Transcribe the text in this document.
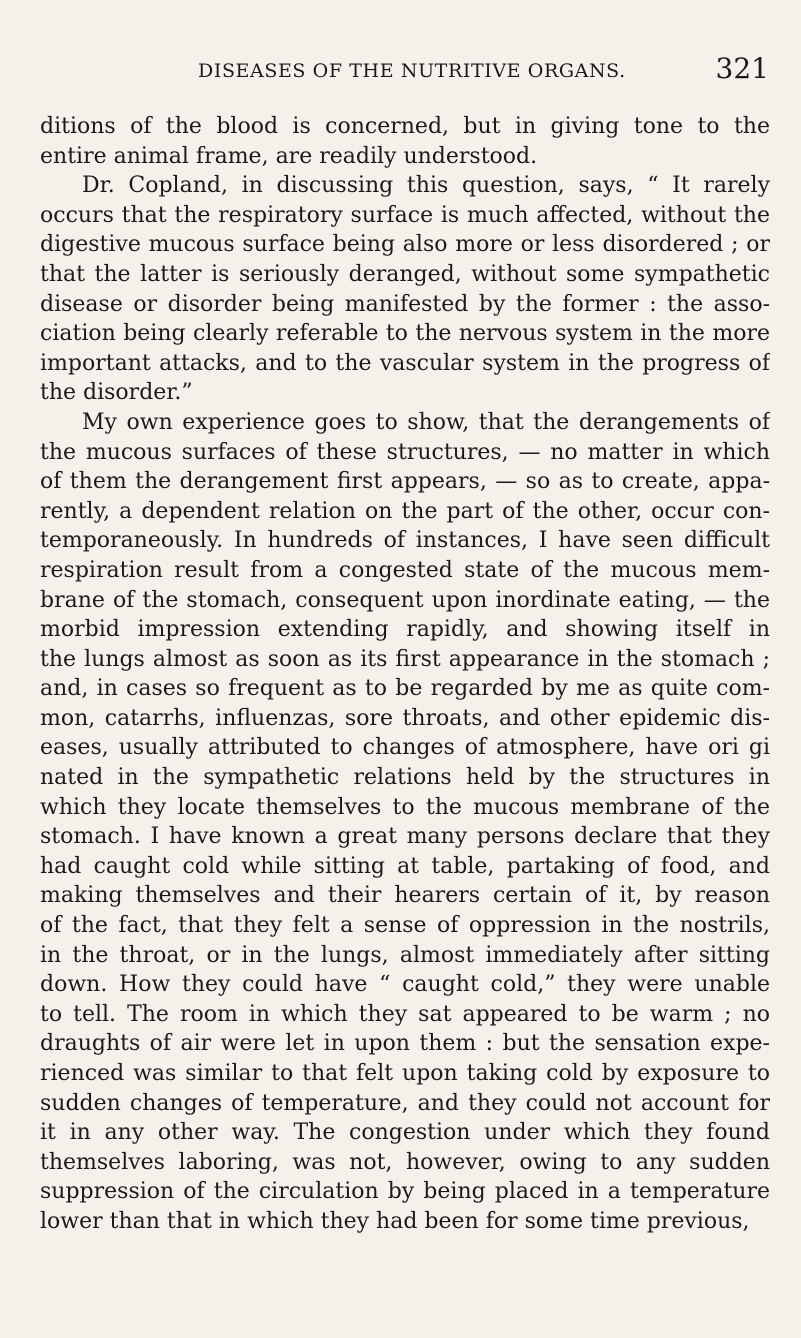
DISEASES OF THE NUTRITIVE ORGANS.	321

ditions of the blood is concerned, but in giving tone to the
entire animal frame, are readily understood.

Dr. Copland, in discussing this question, says, “ It rarely
occurs that the respiratory surface is much affected, without the
digestive mucous surface being also more or less disordered ; or
that the latter is seriously deranged, without some sympathetic
disease or disorder being manifested by the former : the asso-
ciation being clearly referable to the nervous system in the more
important attacks, and to the vascular system in the progress of
the disorder.”

My own experience goes to show, that the derangements of
the mucous surfaces of these structures, — no matter in which
of them the derangement first appears, — so as to create, appa-
rently, a dependent relation on the part of the other, occur con-
temporaneously. In hundreds of instances, I have seen difficult
respiration result from a congested state of the mucous mem-
brane of the stomach, consequent upon inordinate eating, — the
morbid impression extending rapidly, and showing itself in
the lungs almost as soon as its first appearance in the stomach ;
and, in cases so frequent as to be regarded by me as quite com-
mon, catarrhs, influenzas, sore throats, and other epidemic dis-
eases, usually attributed to changes of atmosphere, have ori gi
nated in the sympathetic relations held by the structures in
which they locate themselves to the mucous membrane of the
stomach. I have known a great many persons declare that they
had caught cold while sitting at table, partaking of food, and
making themselves and their hearers certain of it, by reason
of the fact, that they felt a sense of oppression in the nostrils,
in the throat, or in the lungs, almost immediately after sitting
down. How they could have “ caught cold,” they were unable
to tell. The room in which they sat appeared to be warm ; no
draughts of air were let in upon them : but the sensation expe-
rienced was similar to that felt upon taking cold by exposure to
sudden changes of temperature, and they could not account for
it in any other way. The congestion under which they found
themselves laboring, was not, however, owing to any sudden
suppression of the circulation by being placed in a temperature
lower than that in which they had been for some time previous,
